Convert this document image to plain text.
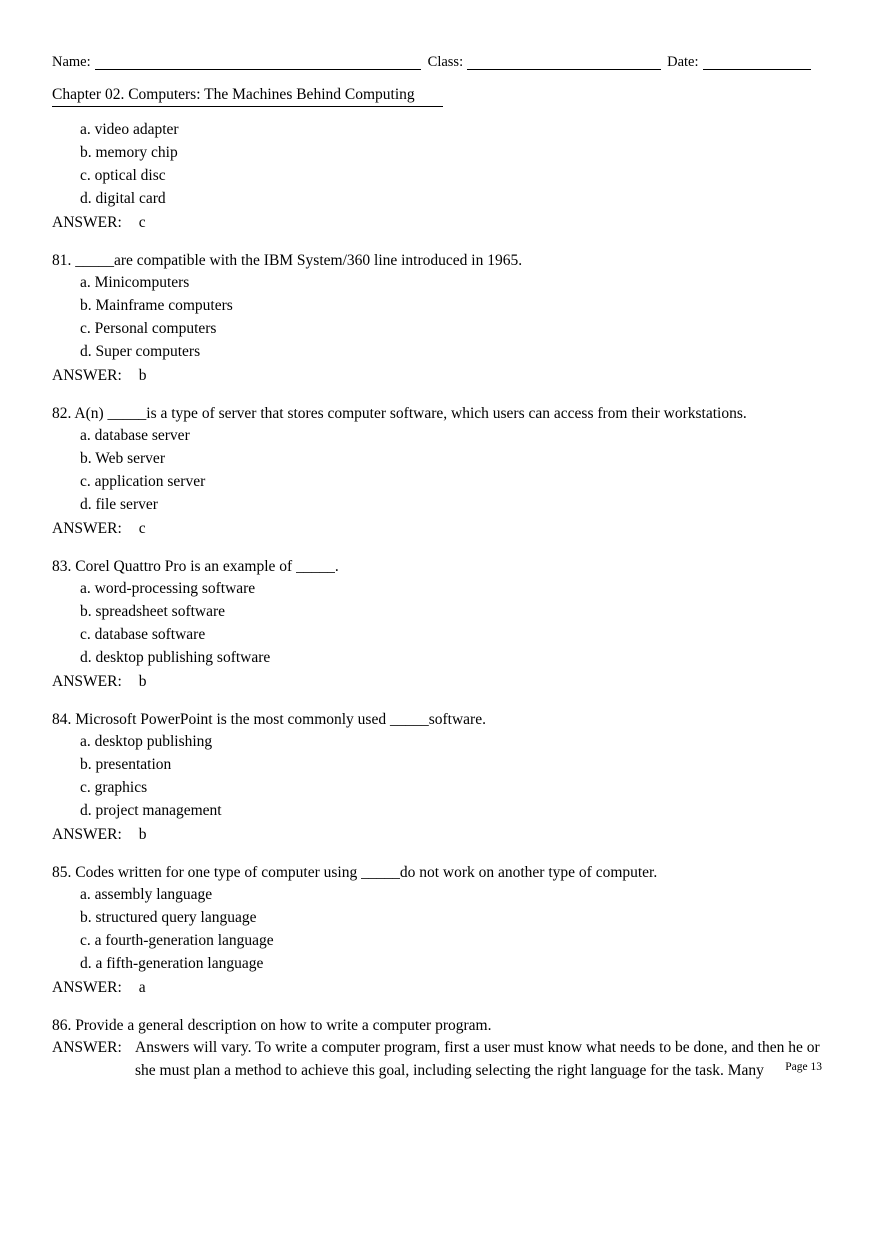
Name:	Class:	Date:
Chapter 02. Computers: The Machines Behind Computing
a. video adapter
b. memory chip
c. optical disc
d. digital card

ANSWER: c

81. _____are compatible with the IBM System/360 line introduced in 1965.

a. Minicomputers
b. Mainframe computers
c. Personal computers
d. Super computers

ANSWER: b

82. A(n) _____is a type of server that stores computer software, which users can access from their workstations.

a. database server
b. Web server
c. application server
d. file server

ANSWER: c

83. Corel Quattro Pro is an example of _____.

a. word-processing software
b. spreadsheet software
c. database software
d. desktop publishing software

ANSWER: b

84. Microsoft PowerPoint is the most commonly used _____software.

a. desktop publishing
b. presentation
c. graphics
d. project management

ANSWER: b

85. Codes written for one type of computer using _____do not work on another type of computer.

a. assembly language
b. structured query language
c. a fourth-generation language
d. a fifth-generation language

ANSWER: a

86. Provide a general description on how to write a computer program.

ANSWER: Answers will vary. To write a computer program, first a user must know what needs to be done, and then he or she must plan a method to achieve this goal, including selecting the right language for the task. Many	Page 13
